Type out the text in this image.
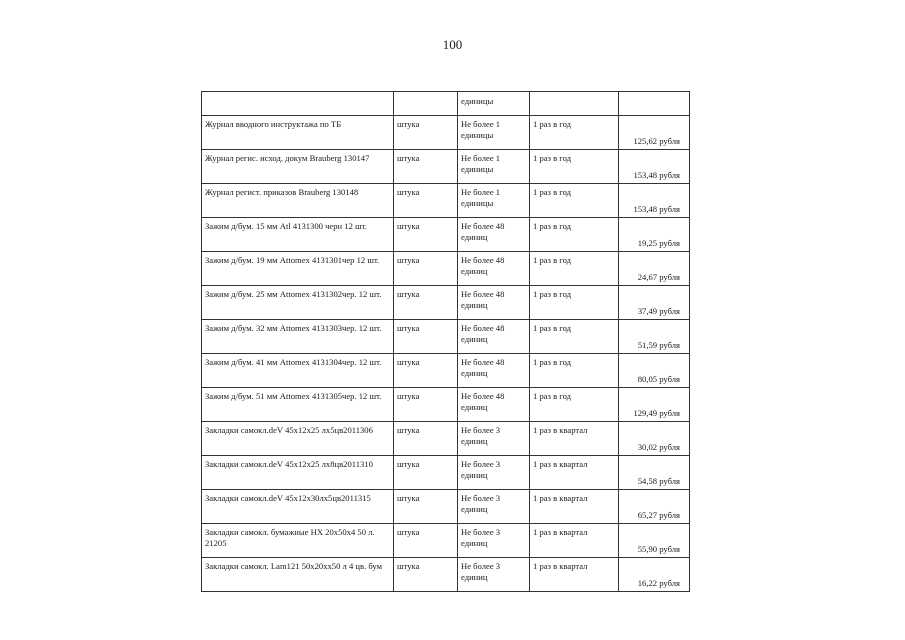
100
		единицы		
Журнал вводного инструктажа по ТБ	штука	Не более 1 единицы	1 раз в год	125,62 рубля
Журнал регис. исход. докум Brauberg 130147	штука	Не более 1 единицы	1 раз в год	153,48 рубля
Журнал регист. приказов Brauberg 130148	штука	Не более 1 единицы	1 раз в год	153,48 рубля
Зажим д/бум. 15 мм Atl 4131300 черн 12 шт.	штука	Не более 48 единиц	1 раз в год	19,25 рубля
Зажим д/бум. 19 мм Attomex 4131301чер 12 шт.	штука	Не более 48 единиц	1 раз в год	24,67 рубля
Зажим д/бум. 25 мм Attomex 4131302чер. 12 шт.	штука	Не более 48 единиц	1 раз в год	37,49 рубля
Зажим д/бум. 32 мм Attomex 4131303чер. 12 шт.	штука	Не более 48 единиц	1 раз в год	51,59 рубля
Зажим д/бум. 41 мм Attomex 4131304чер. 12 шт.	штука	Не более 48 единиц	1 раз в год	80,05 рубля
Зажим д/бум. 51 мм Attomex 4131305чер. 12 шт.	штука	Не более 48 единиц	1 раз в год	129,49 рубля
Закладки самокл.deV 45х12х25 лх5цв2011306	штука	Не более 3 единиц	1 раз в квартал	30,02 рубля
Закладки самокл.deV 45х12х25 лх8цв2011310	штука	Не более 3 единиц	1 раз в квартал	54,58 рубля
Закладки самокл.deV 45х12х30лх5цв2011315	штука	Не более 3 единиц	1 раз в квартал	65,27 рубля
Закладки самокл. бумажные НХ 20х50х4 50 л. 21205	штука	Не более 3 единиц	1 раз в квартал	55,90 рубля
Закладки самокл. Lam121 50х20хх50 л 4 цв. бум	штука	Не более 3 единиц	1 раз в квартал	16,22 рубля
